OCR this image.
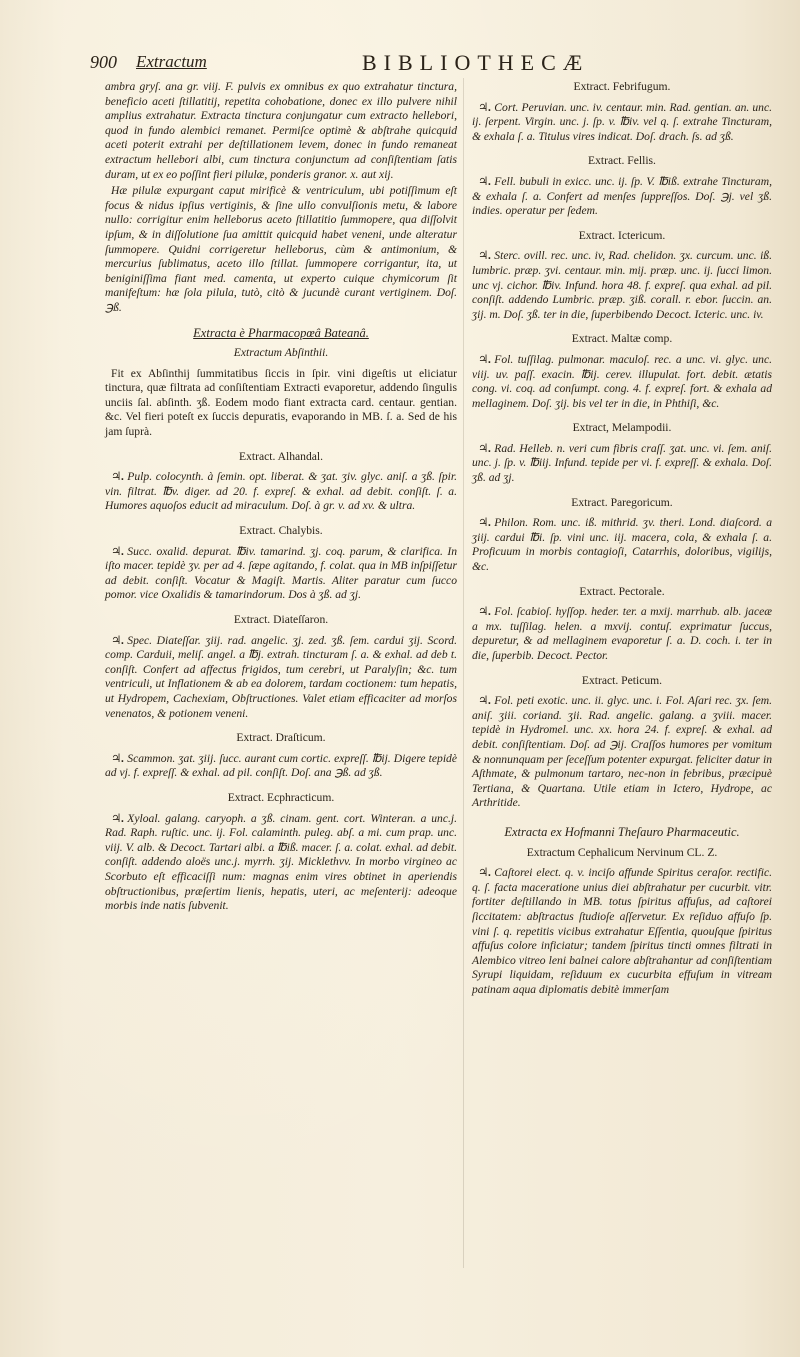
900 Extractum	BIBLIOTHECÆ

ambra gryſ. ana gr. viij. F. pulvis ex omnibus ex quo extrahatur tinctura, beneficio aceti ſtillatitij, repetita cohobatione, donec ex illo pulvere nihil amplius extrahatur. Extracta tinctura conjungatur cum extracto hellebori, quod in fundo alembici remanet. Permiſce optimè & abſtrahe quicquid aceti poterit extrahi per deſtillationem levem, donec in fundo remaneat extractum hellebori albi, cum tinctura conjunctum ad conſiſtentiam ſatis duram, ut ex eo poſſint fieri pilulæ, ponderis granor. x. aut xij.

Hæ pilulæ expurgant caput mirificè & ventriculum, ubi potiſſimum eſt focus & nidus ipſius vertiginis, & ſine ullo convulſionis metu, & labore nullo: corrigitur enim helleborus aceto ſtillatitio ſummopere, qua diſſolvit ipſum, & in diſſolutione ſua amittit quicquid habet veneni, unde alteratur ſummopere. Quidni corrigeretur helleborus, cùm & antimonium, & mercurius ſublimatus, aceto illo ſtillat. ſummopere corrigantur, ita, ut beniginiſſima fiant med. camenta, ut experto cuique chymicorum ſit manifeſtum: hæ ſola pilula, tutò, citò & jucundè curant vertiginem. Doſ. ℈ß.

Extracta è Pharmacopœâ Bateanâ.
Extractum Abſinthii.

Fit ex Abſinthij ſummitatibus ſiccis in ſpir. vini digeſtis ut eliciatur tinctura, quæ filtrata ad conſiſtentiam Extracti evaporetur, addendo ſingulis unciis ſal. abſinth. ʒß. Eodem modo fiant extracta card. centaur. gentian. &c. Vel fieri poteſt ex ſuccis depuratis, evaporando in MB. ſ. a. Sed de his jam ſuprà.

Extract. Alhandal.

♃. Pulp. colocynth. à ſemin. opt. liberat. & ʒat. ʒiv. glyc. aniſ. a ʒß. ſpir. vin. filtrat. ℔v. diger. ad 20. f. expreſ. & exhal. ad debit. conſiſt. ſ. a. Humores aquoſos educit ad miraculum. Doſ. à gr. v. ad xv. & ultra.

Extract. Chalybis.

♃. Succ. oxalid. depurat. ℔iv. tamarind. ʒj. coq. parum, & clarifica. In iſto macer. tepidè ʒv. per ad 4. ſæpe agitando, f. colat. qua in MB inſpiſſetur ad debit. conſiſt. Vocatur & Magiſt. Martis. Aliter paratur cum ſucco pomor. vice Oxalidis & tamarindorum. Dos à ʒß. ad ʒj.

Extract. Diateſſaron.

♃. Spec. Diateſſar. ʒiij. rad. angelic. ʒj. zed. ʒß. ſem. cardui ʒij. Scord. comp. Carduii, meliſ. angel. a ℔j. extrah. tincturam ſ. a. & exhal. ad deb t. conſiſt. Confert ad affectus frigidos, tum cerebri, ut Paralyſin; &c. tum ventriculi, ut Inflationem & ab ea dolorem, tardam coctionem: tum hepatis, ut Hydropem, Cachexiam, Obſtructiones. Valet etiam efficaciter ad morſos venenatos, & potionem veneni.

Extract. Draſticum.

♃. Scammon. ʒat. ʒiij. ſucc. aurant cum cortic. expreſſ. ℔ij. Digere tepidè ad vj. f. expreſſ. & exhal. ad pil. conſiſt. Doſ. ana ℈ß. ad ʒß.

Extract. Ecphracticum.

♃. Xyloal. galang. caryoph. a ʒß. cinam. gent. cort. Winteran. a unc.j. Rad. Raph. ruſtic. unc. ij. Fol. calaminth. puleg. abſ. a mi. cum prap. unc. viij. V. alb. & Decoct. Tartari albi. a ℔iß. macer. ſ. a. colat. exhal. ad debit. conſiſt. addendo aloës unc.j. myrrh. ʒij. Micklethvv. In morbo virgineo ac Scorbuto eſt efficaciſſi num: magnas enim vires obtinet in aperiendis obſtructionibus, præſertim lienis, hepatis, uteri, ac meſenterij: adeoque morbis inde natis ſubvenit.

Extract. Febrifugum.

♃. Cort. Peruvian. unc. iv. centaur. min. Rad. gentian. an. unc. ij. ſerpent. Virgin. unc. j. ſp. v. ℔iv. vel q. ſ. extrahe Tincturam, & exhala ſ. a. Titulus vires indicat. Doſ. drach. ſs. ad ʒß.

Extract. Fellis.

♃. Fell. bubuli in exicc. unc. ij. ſp. V. ℔iß. extrahe Tincturam, & exhala ſ. a. Confert ad menſes ſuppreſſos. Doſ. ℈j. vel ʒß. indies. operatur per ſedem.

Extract. Ictericum.

♃. Sterc. ovill. rec. unc. iv, Rad. chelidon. ʒx. curcum. unc. iß. lumbric. præp. ʒvi. centaur. min. mij. præp. unc. ij. ſucci limon. unc vj. cichor. ℔iv. Infund. hora 48. f. expreſ. qua exhal. ad pil. conſiſt. addendo Lumbric. præp. ʒiß. corall. r. ebor. ſuccin. an. ʒij. m. Doſ. ʒß. ter in die, ſuperbibendo Decoct. Icteric. unc. iv.

Extract. Maltæ comp.

♃. Fol. tuſſilag. pulmonar. maculoſ. rec. a unc. vi. glyc. unc. viij. uv. paſſ. exacin. ℔ij. cerev. illupulat. fort. debit. ætatis cong. vi. coq. ad conſumpt. cong. 4. f. expreſ. fort. & exhala ad mellaginem. Doſ. ʒij. bis vel ter in die, in Phthiſi, &c.

Extract, Melampodii.

♃. Rad. Helleb. n. veri cum fibris craſſ. ʒat. unc. vi. ſem. aniſ. unc. j. ſp. v. ℔iij. Infund. tepide per vi. f. expreſſ. & exhala. Doſ. ʒß. ad ʒj.

Extract. Paregoricum.

♃. Philon. Rom. unc. iß. mithrid. ʒv. theri. Lond. diaſcord. a ʒiij. cardui ℔i. ſp. vini unc. iij. macera, cola, & exhala ſ. a. Proficuum in morbis contagioſi, Catarrhis, doloribus, vigilijs, &c.

Extract. Pectorale.

♃. Fol. ſcabioſ. hyſſop. heder. ter. a mxij. marrhub. alb. jaceæ a mx. tuſſilag. helen. a mxvij. contuſ. exprimatur ſuccus, depuretur, & ad mellaginem evaporetur ſ. a. D. coch. i. ter in die, ſuperbib. Decoct. Pector.

Extract. Peticum.

♃. Fol. peti exotic. unc. ii. glyc. unc. i. Fol. Aſari rec. ʒx. ſem. aniſ. ʒiii. coriand. ʒii. Rad. angelic. galang. a ʒviii. macer. tepidè in Hydromel. unc. xx. hora 24. f. expreſ. & exhal. ad debit. conſiſtentiam. Doſ. ad ℈ij. Craſſos humores per vomitum & nonnunquam per ſeceſſum potenter expurgat. feliciter datur in Aſthmate, & pulmonum tartaro, nec-non in febribus, præcipuè Tertiana, & Quartana. Utile etiam in Ictero, Hydrope, ac Arthritide.

Extracta ex Hofmanni Theſauro Pharmaceutic.
Extractum Cephalicum Nervinum CL. Z.

♃. Caſtorei elect. q. v. inciſo affunde Spiritus ceraſor. rectific. q. ſ. facta maceratione unius diei abſtrahatur per cucurbit. vitr. fortiter deſtillando in MB. totus ſpiritus affuſus, ad caſtorei ſiccitatem: abſtractus ſtudioſe aſſervetur. Ex reſiduo affuſo ſp. vini ſ. q. repetitis vicibus extrahatur Eſſentia, quouſque ſpiritus affuſus colore inficiatur; tandem ſpiritus tincti omnes filtrati in Alembico vitreo leni balnei calore abſtrahantur ad conſiſtentiam Syrupi liquidam, reſiduum ex cucurbita effuſum in vitream patinam aqua diplomatis debitè immerſam
